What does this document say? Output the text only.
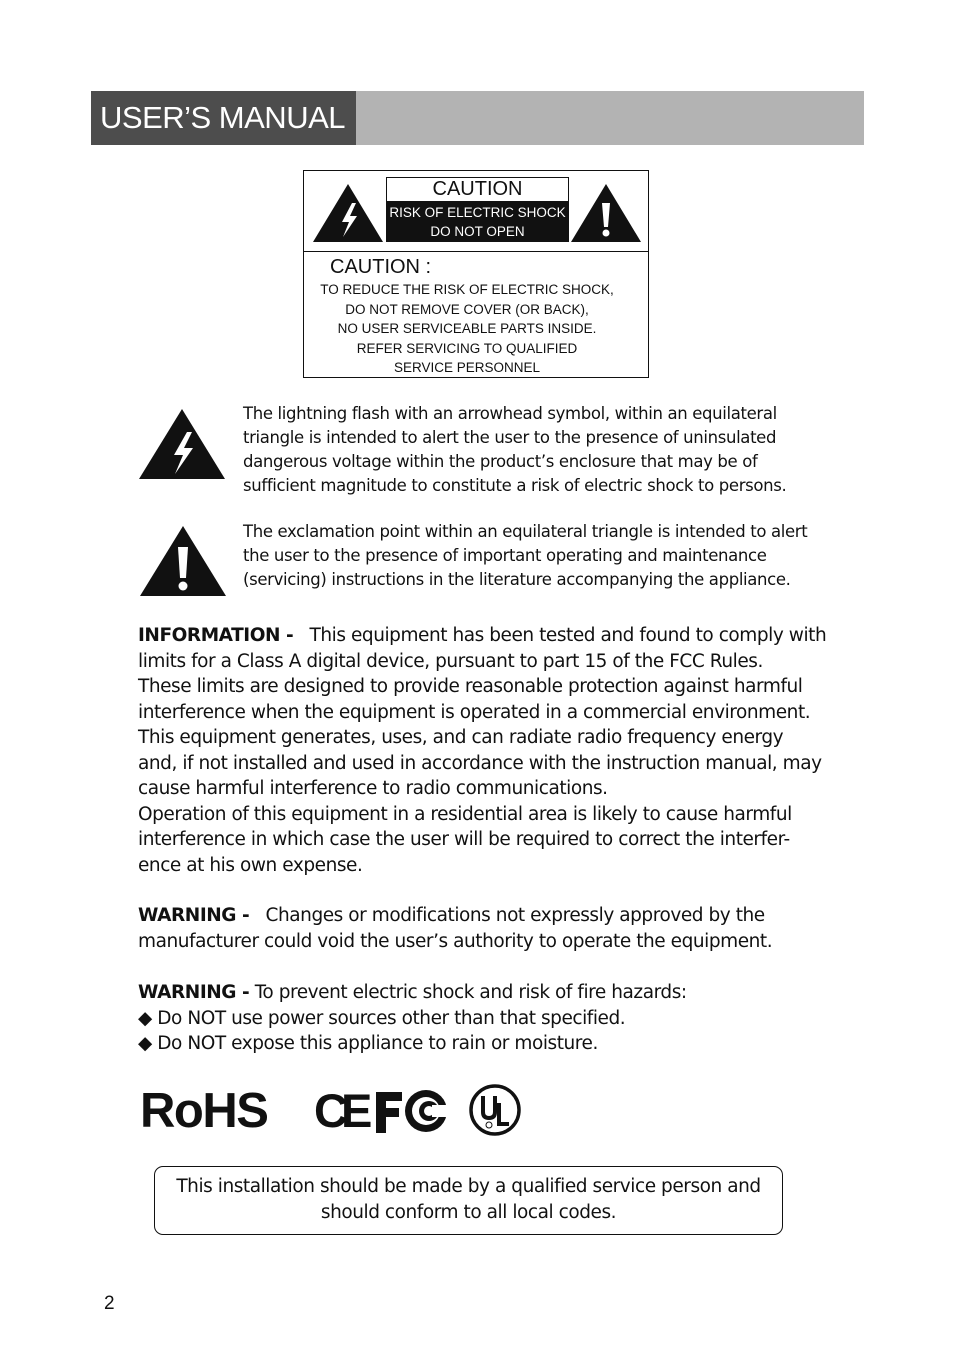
USER’S MANUAL
CAUTION
RISK OF ELECTRIC SHOCK
DO NOT OPEN
CAUTION :
TO REDUCE THE RISK OF ELECTRIC SHOCK,
DO NOT REMOVE COVER (OR BACK),
NO USER SERVICEABLE PARTS INSIDE.
REFER SERVICING TO QUALIFIED
SERVICE PERSONNEL
The lightning flash with an arrowhead symbol, within an equilateral
triangle is intended to alert the user to the presence of uninsulated
dangerous voltage within the product’s enclosure that may be of
sufficient magnitude to constitute a risk of electric shock to persons.
The exclamation point within an equilateral triangle is intended to alert
the user to the presence of important operating and maintenance
(servicing) instructions in the literature accompanying the appliance.
INFORMATION - This equipment has been tested and found to comply with
limits for a Class A digital device, pursuant to part 15 of the FCC Rules.
These limits are designed to provide reasonable protection against harmful
interference when the equipment is operated in a commercial environment.
This equipment generates, uses, and can radiate radio frequency energy
and, if not installed and used in accordance with the instruction manual, may
cause harmful interference to radio communications.
Operation of this equipment in a residential area is likely to cause harmful
interference in which case the user will be required to correct the interfer-
ence at his own expense.
WARNING - Changes or modifications not expressly approved by the
manufacturer could void the user’s authority to operate the equipment.
WARNING - To prevent electric shock and risk of fire hazards:
◆ Do NOT use power sources other than that specified.
◆ Do NOT expose this appliance to rain or moisture.
RoHS CE
This installation should be made by a qualified service person and
should conform to all local codes.
2
